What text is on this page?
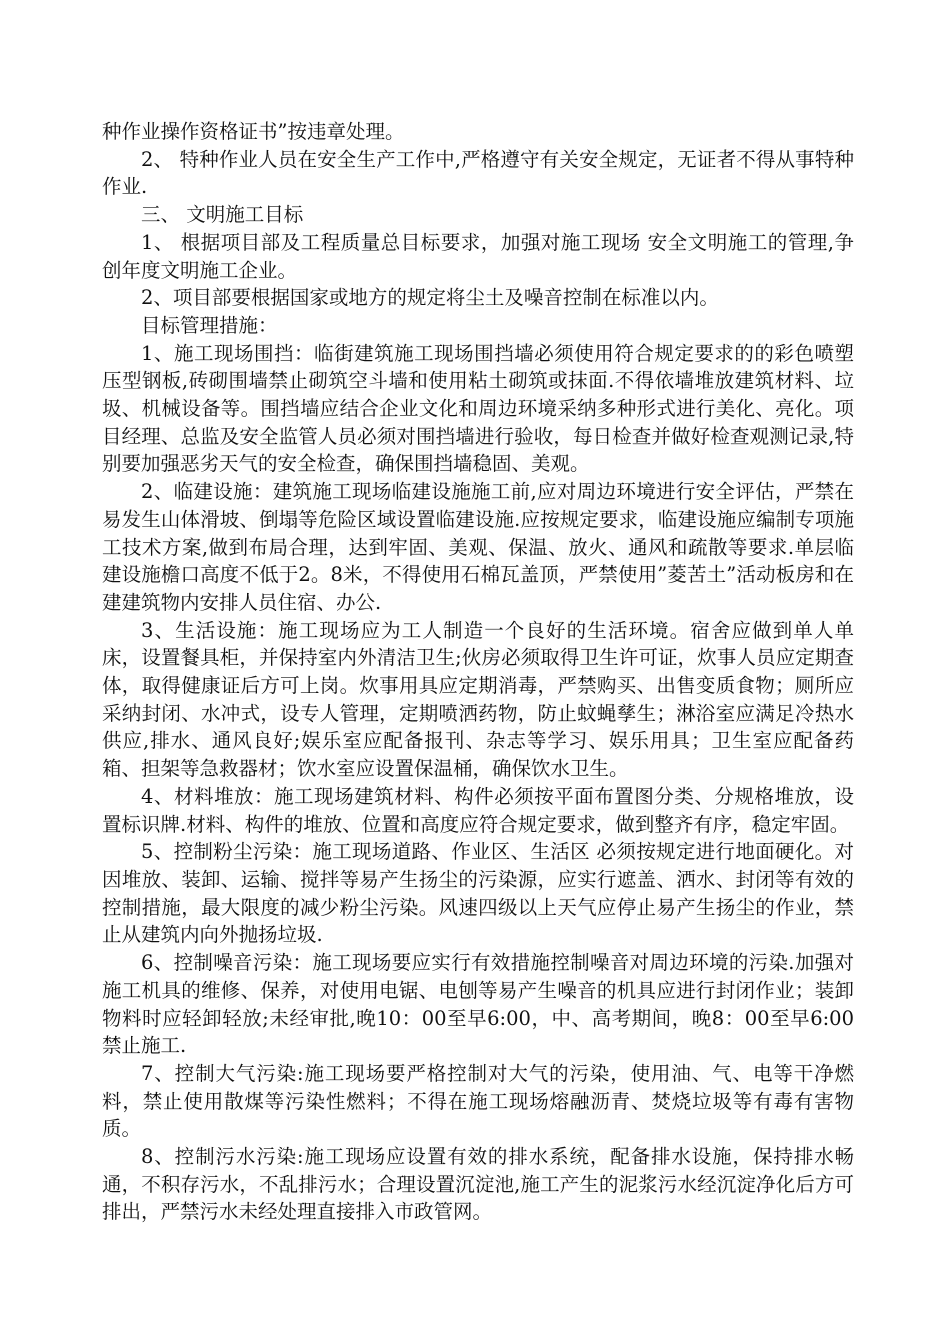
种作业操作资格证书”按违章处理。

2、 特种作业人员在安全生产工作中,严格遵守有关安全规定，无证者不得从事特种作业.

三、 文明施工目标

1、 根据项目部及工程质量总目标要求，加强对施工现场 安全文明施工的管理,争创年度文明施工企业。

2、项目部要根据国家或地方的规定将尘土及噪音控制在标准以内。

目标管理措施：

1、施工现场围挡：临街建筑施工现场围挡墙必须使用符合规定要求的的彩色喷塑压型钢板,砖砌围墙禁止砌筑空斗墙和使用粘土砌筑或抹面.不得依墙堆放建筑材料、垃圾、机械设备等。围挡墙应结合企业文化和周边环境采纳多种形式进行美化、亮化。项目经理、总监及安全监管人员必须对围挡墙进行验收，每日检查并做好检查观测记录,特别要加强恶劣天气的安全检查，确保围挡墙稳固、美观。

2、临建设施：建筑施工现场临建设施施工前,应对周边环境进行安全评估，严禁在易发生山体滑坡、倒塌等危险区域设置临建设施.应按规定要求，临建设施应编制专项施工技术方案,做到布局合理，达到牢固、美观、保温、放火、通风和疏散等要求.单层临建设施檐口高度不低于2。8米，不得使用石棉瓦盖顶，严禁使用”菱苦土”活动板房和在建建筑物内安排人员住宿、办公.

3、生活设施：施工现场应为工人制造一个良好的生活环境。宿舍应做到单人单床，设置餐具柜，并保持室内外清洁卫生;伙房必须取得卫生许可证，炊事人员应定期查体，取得健康证后方可上岗。炊事用具应定期消毒，严禁购买、出售变质食物；厕所应采纳封闭、水冲式，设专人管理，定期喷洒药物，防止蚊蝇孳生；淋浴室应满足冷热水供应,排水、通风良好;娱乐室应配备报刊、杂志等学习、娱乐用具；卫生室应配备药箱、担架等急救器材；饮水室应设置保温桶，确保饮水卫生。

4、材料堆放：施工现场建筑材料、构件必须按平面布置图分类、分规格堆放，设置标识牌.材料、构件的堆放、位置和高度应符合规定要求，做到整齐有序，稳定牢固。

5、控制粉尘污染：施工现场道路、作业区、生活区 必须按规定进行地面硬化。对因堆放、装卸、运输、搅拌等易产生扬尘的污染源，应实行遮盖、洒水、封闭等有效的控制措施，最大限度的减少粉尘污染。风速四级以上天气应停止易产生扬尘的作业，禁止从建筑内向外抛扬垃圾.

6、控制噪音污染：施工现场要应实行有效措施控制噪音对周边环境的污染.加强对施工机具的维修、保养，对使用电锯、电刨等易产生噪音的机具应进行封闭作业；装卸物料时应轻卸轻放;未经审批,晚10：00至早6:00，中、高考期间，晚8：00至早6:00禁止施工.

7、控制大气污染:施工现场要严格控制对大气的污染，使用油、气、电等干净燃料，禁止使用散煤等污染性燃料；不得在施工现场熔融沥青、焚烧垃圾等有毒有害物质。

8、控制污水污染:施工现场应设置有效的排水系统，配备排水设施，保持排水畅通，不积存污水，不乱排污水；合理设置沉淀池,施工产生的泥浆污水经沉淀净化后方可排出，严禁污水未经处理直接排入市政管网。
